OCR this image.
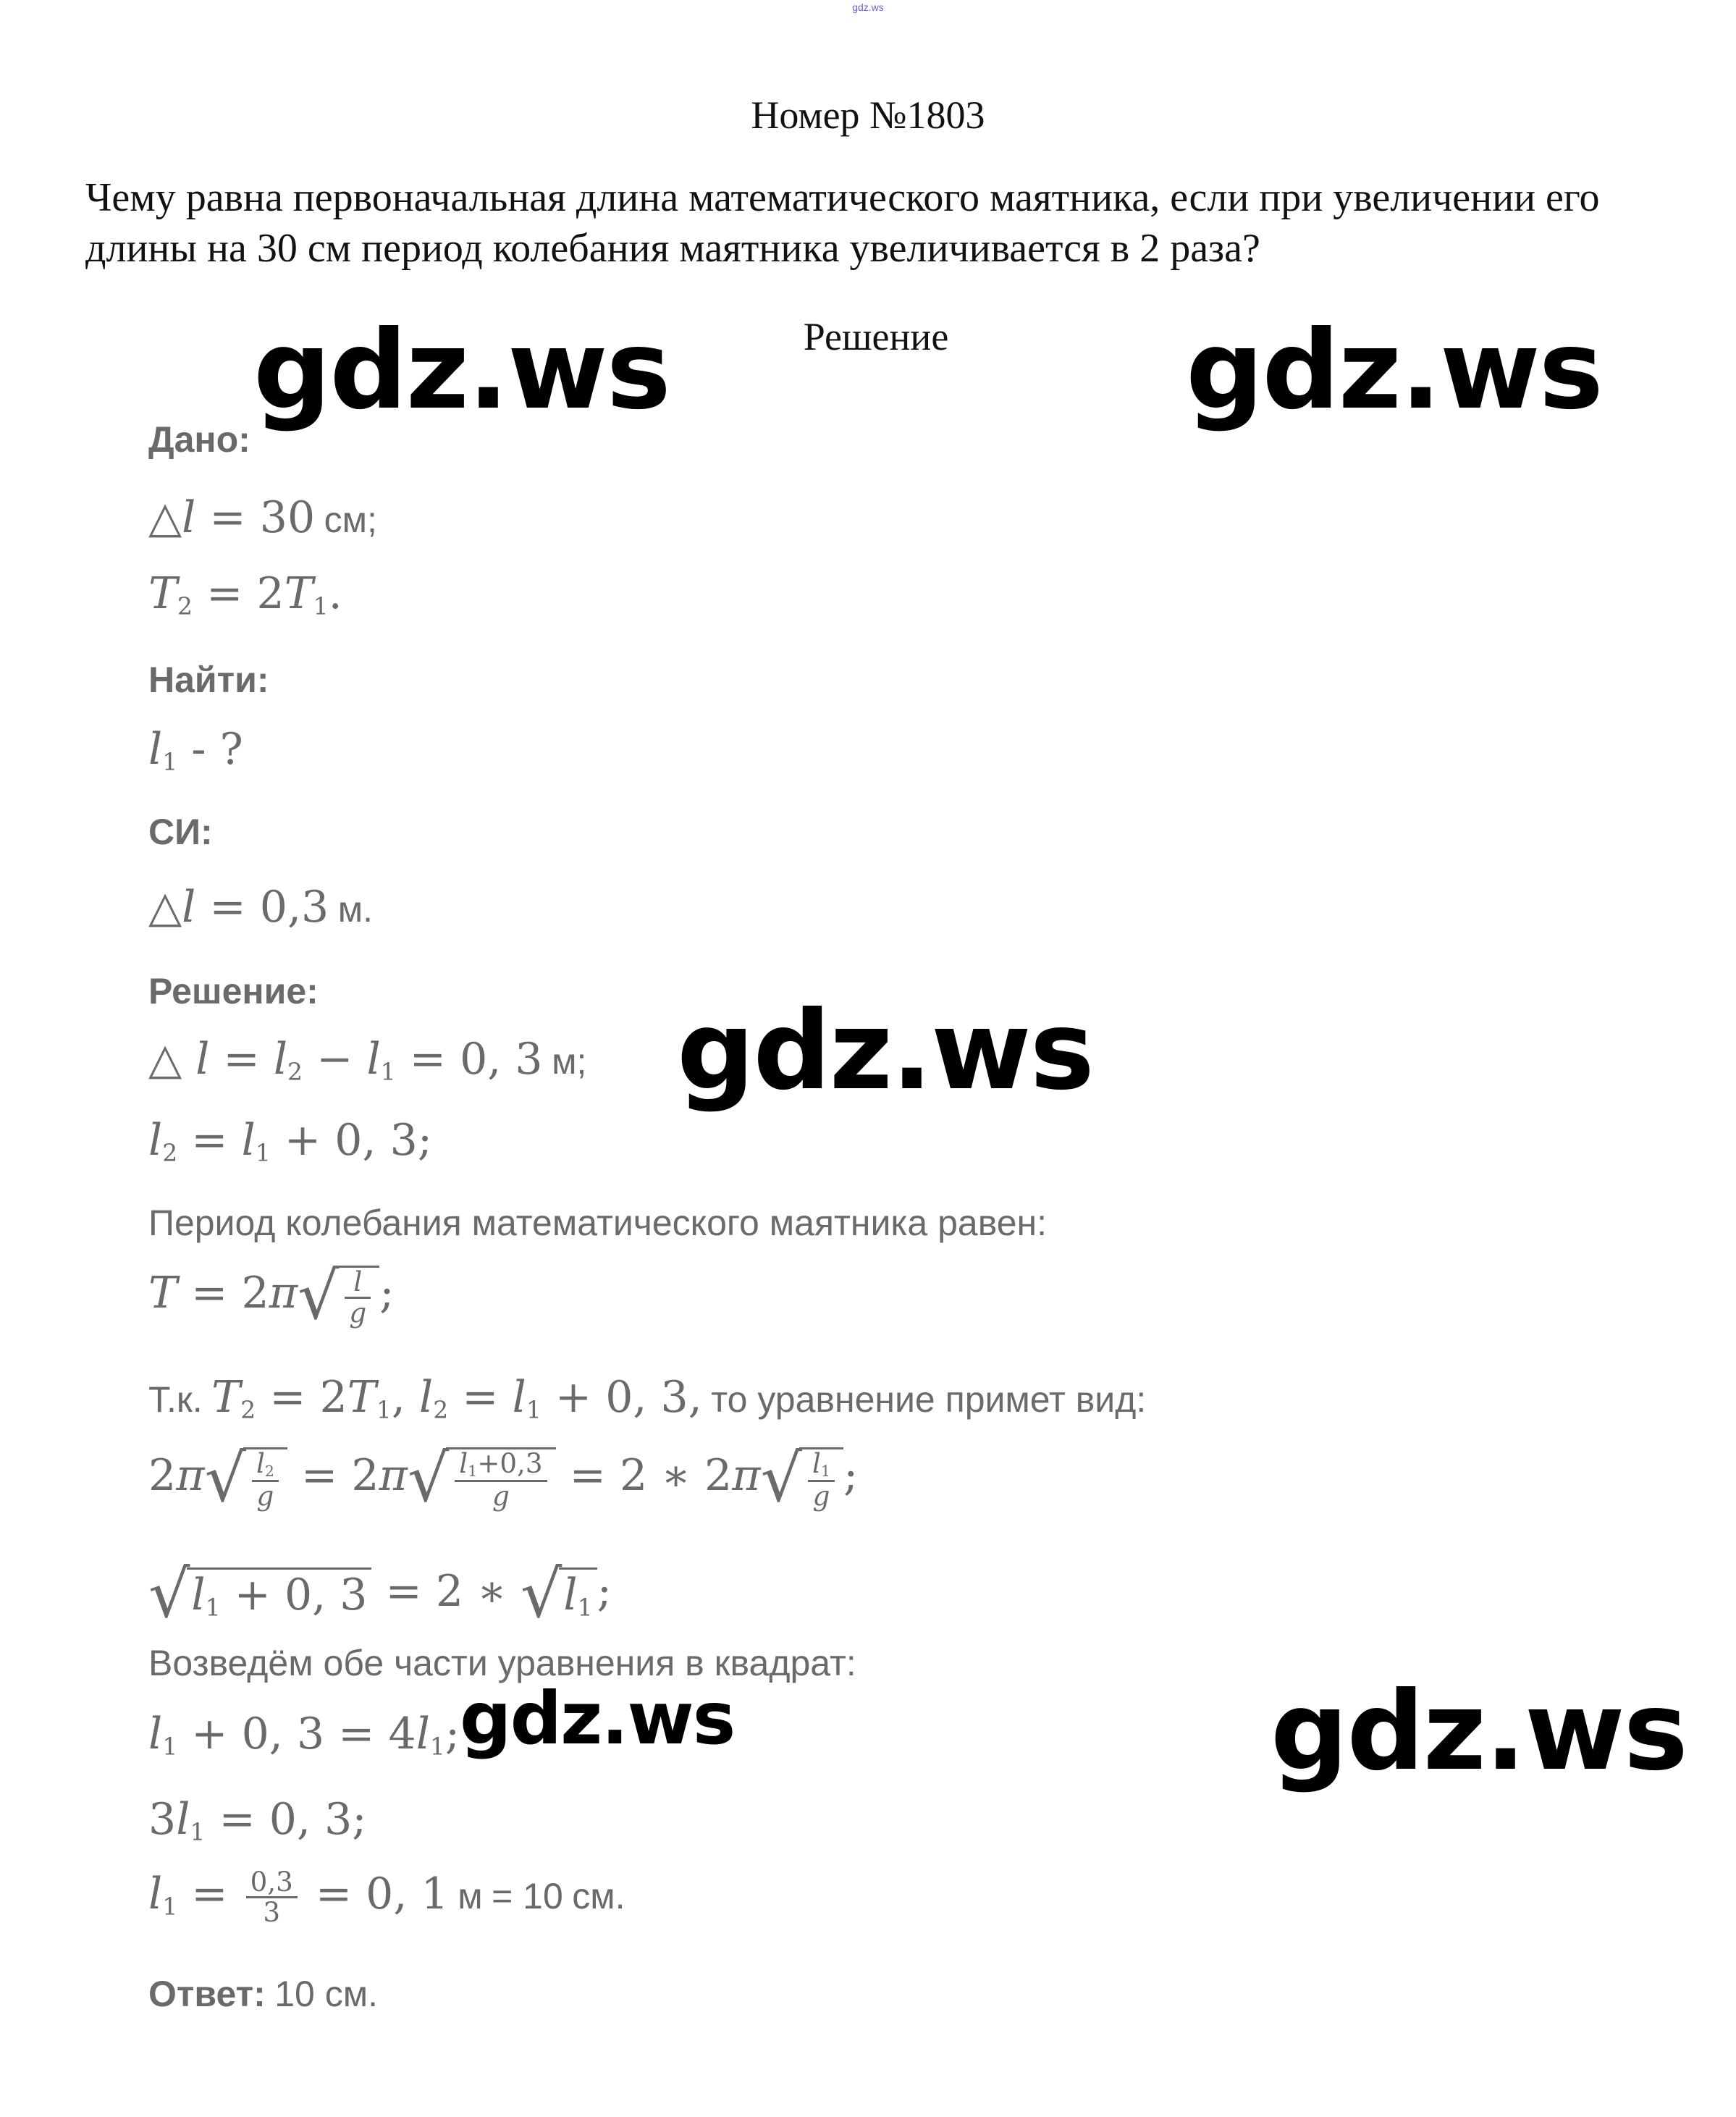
gdz.ws
Номер №1803
Чему равна первоначальная длина математического маятника, если при увеличении его длины на 30 см период колебания маятника увеличивается в 2 раза?
Решение
gdz.ws	gdz.ws
gdz.ws
gdz.ws	gdz.ws
Дано:
△l = 30 см;
$T_2 = 2T_1$.
Найти:
$l_1$ - ?
СИ:
△l = 0,3 м.
Решение:
△ $l = l_2 - l_1 = 0$, 3 м;
$l_2 = l_1 + 0$, 3;
Период колебания математического маятника равен:
$T = 2\pi√ \frac{l}{g}$ ;
Т.к. $T_2 = 2T_1$, $l_2 = l_1 + 0$, 3, то уравнение примет вид:
$2\pi√ \frac{l_2}{g} = 2\pi√ \frac{l_1+0,3}{g} = 2$ ∗ $2\pi√ \frac{l_1}{g}$ ;
$√l_1 + 0$, 3 = 2 ∗ $√l_1$ ;
Возведём обе части уравнения в квадрат:
$l_1 + 0$, $3 = 4l_1$;
$3l_1 = 0$, 3;
$l_1 = \frac{0,3}{3} = 0$, 1 м = 10 см.
Ответ: 10 см.
